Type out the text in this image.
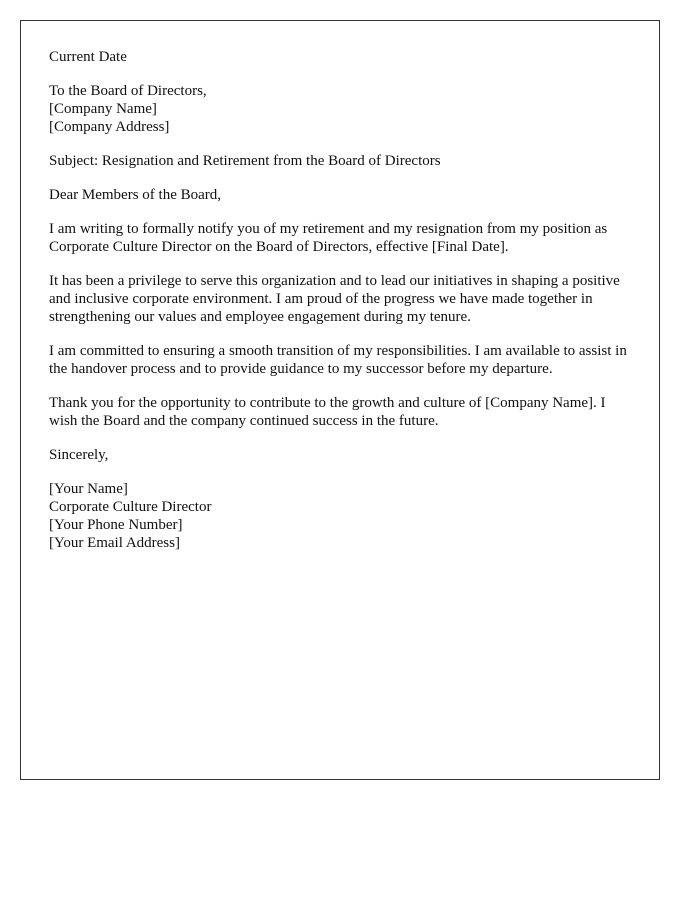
Current Date

To the Board of Directors,
[Company Name]
[Company Address]

Subject: Resignation and Retirement from the Board of Directors

Dear Members of the Board,

I am writing to formally notify you of my retirement and my resignation from my position as Corporate Culture Director on the Board of Directors, effective [Final Date].

It has been a privilege to serve this organization and to lead our initiatives in shaping a positive and inclusive corporate environment. I am proud of the progress we have made together in strengthening our values and employee engagement during my tenure.

I am committed to ensuring a smooth transition of my responsibilities. I am available to assist in the handover process and to provide guidance to my successor before my departure.

Thank you for the opportunity to contribute to the growth and culture of [Company Name]. I wish the Board and the company continued success in the future.

Sincerely,

[Your Name]
Corporate Culture Director
[Your Phone Number]
[Your Email Address]
